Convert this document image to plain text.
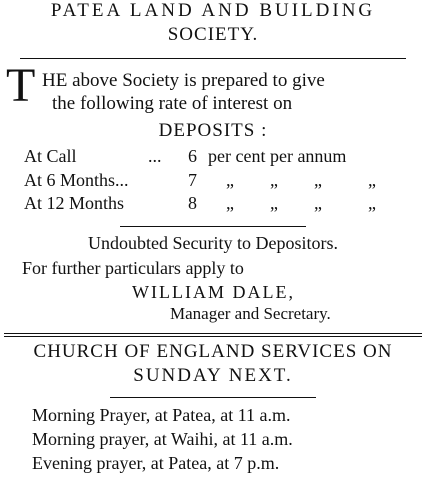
PATEA LAND AND BUILDING
SOCIETY.
T HE above Society is prepared to give
the following rate of interest on
DEPOSITS :
At Call	... 6 per cent per annum
At 6 Months...	7 „ „ „	„
At 12 Months	8 „ „ „	„
Undoubted Security to Depositors.
For further particulars apply to
WILLIAM DALE,
Manager and Secretary.
CHURCH OF ENGLAND SERVICES ON
SUNDAY NEXT.
Morning Prayer, at Patea, at 11 a.m.
Morning prayer, at Waihi, at 11 a.m.
Evening prayer, at Patea, at 7 p.m.
